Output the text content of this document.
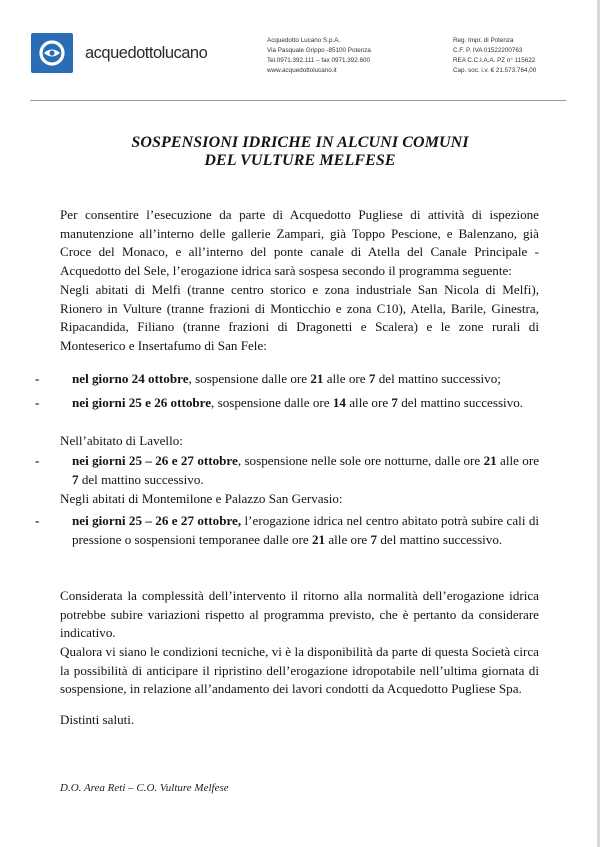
acquedottolucano
Acquedotto Lucano S.p.A.
Via Pasquale Grippo -85100 Potenza
Tel.0971.392.111 – fax 0971.392.600
www.acquedottolucano.it
Reg. Impr. di Potenza
C.F. P. IVA 01522200763
REA C.C.I.A.A. PZ n° 115622
Cap. soc. i.v. € 21.573.764,00
SOSPENSIONI IDRICHE IN ALCUNI COMUNI
DEL VULTURE MELFESE
Per consentire l’esecuzione da parte di Acquedotto Pugliese di attività di ispezione manutenzione all’interno delle gallerie Zampari, già Toppo Pescione, e Balenzano, già Croce del Monaco, e all’interno del ponte canale di Atella del Canale Principale - Acquedotto del Sele, l’erogazione idrica sarà sospesa secondo il programma seguente:
Negli abitati di Melfi (tranne centro storico e zona industriale San Nicola di Melfi), Rionero in Vulture (tranne frazioni di Monticchio e zona C10), Atella, Barile, Ginestra, Ripacandida, Filiano (tranne frazioni di Dragonetti e Scalera) e le zone rurali di Monteserico e Insertafumo di San Fele:
-	nel giorno 24 ottobre, sospensione dalle ore 21 alle ore 7 del mattino successivo;
-	nei giorni 25 e 26 ottobre, sospensione dalle ore 14 alle ore 7 del mattino successivo.
Nell’abitato di Lavello:
-	nei giorni 25 – 26 e 27 ottobre, sospensione nelle sole ore notturne, dalle ore 21 alle ore 7 del mattino successivo.
Negli abitati di Montemilone e Palazzo San Gervasio:
-	nei giorni 25 – 26 e 27 ottobre, l’erogazione idrica nel centro abitato potrà subire cali di pressione o sospensioni temporanee dalle ore 21 alle ore 7 del mattino successivo.
Considerata la complessità dell’intervento il ritorno alla normalità dell’erogazione idrica potrebbe subire variazioni rispetto al programma previsto, che è pertanto da considerare indicativo.
Qualora vi siano le condizioni tecniche, vi è la disponibilità da parte di questa Società circa la possibilità di anticipare il ripristino dell’erogazione idropotabile nell’ultima giornata di sospensione, in relazione all’andamento dei lavori condotti da Acquedotto Pugliese Spa.
Distinti saluti.
D.O. Area Reti – C.O. Vulture Melfese
